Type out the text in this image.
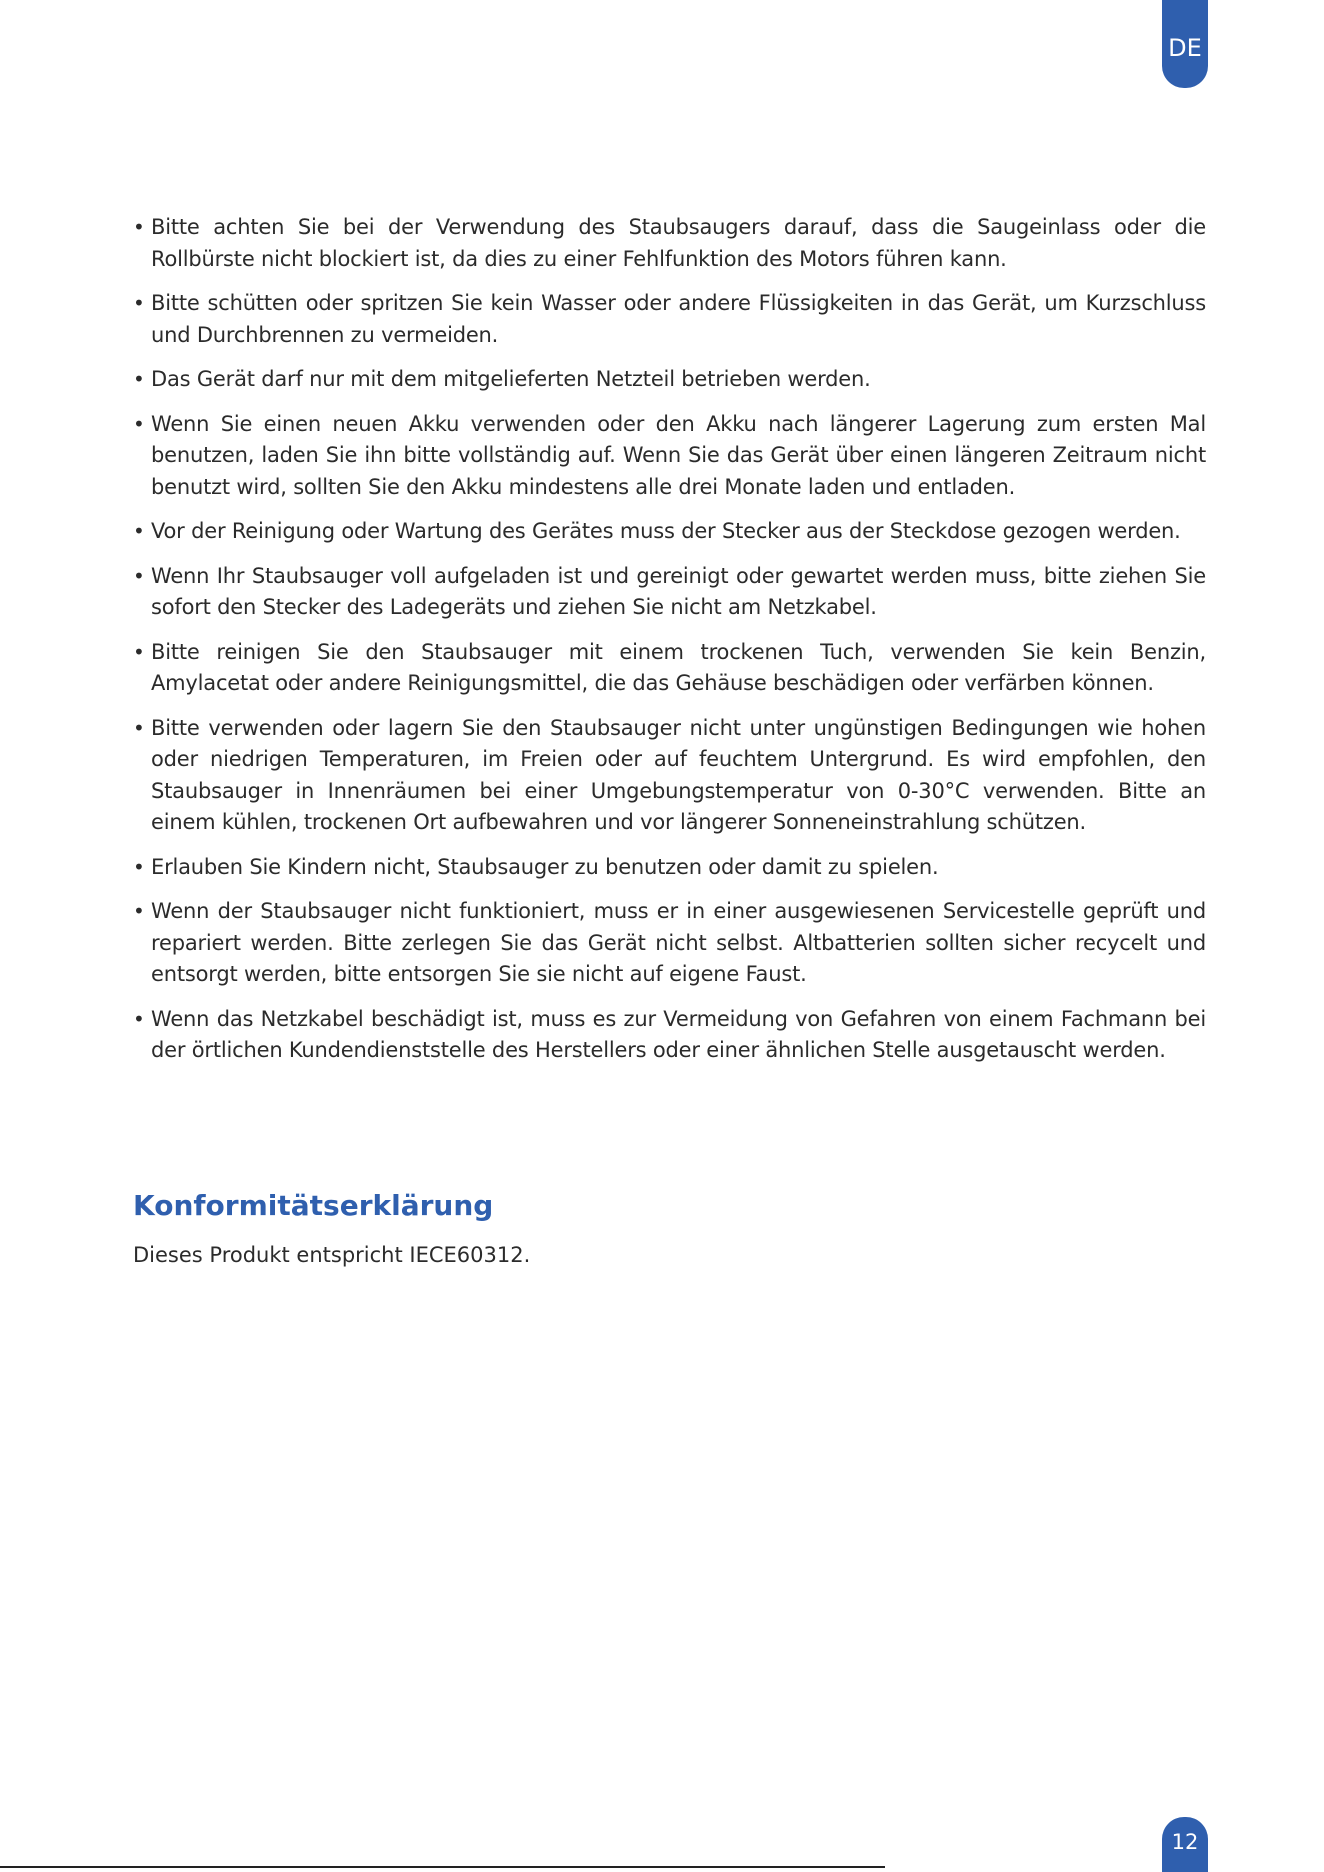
DE
• Bitte achten Sie bei der Verwendung des Staubsaugers darauf, dass die Saugeinlass oder die Rollbürste nicht blockiert ist, da dies zu einer Fehlfunktion des Motors führen kann.
• Bitte schütten oder spritzen Sie kein Wasser oder andere Flüssigkeiten in das Gerät, um Kurzschluss und Durchbrennen zu vermeiden.
• Das Gerät darf nur mit dem mitgelieferten Netzteil betrieben werden.
• Wenn Sie einen neuen Akku verwenden oder den Akku nach längerer Lagerung zum ersten Mal benutzen, laden Sie ihn bitte vollständig auf. Wenn Sie das Gerät über einen längeren Zeitraum nicht benutzt wird, sollten Sie den Akku mindestens alle drei Monate laden und entladen.
• Vor der Reinigung oder Wartung des Gerätes muss der Stecker aus der Steckdose gezogen werden.
• Wenn Ihr Staubsauger voll aufgeladen ist und gereinigt oder gewartet werden muss, bitte ziehen Sie sofort den Stecker des Ladegeräts und ziehen Sie nicht am Netzkabel.
• Bitte reinigen Sie den Staubsauger mit einem trockenen Tuch, verwenden Sie kein Benzin, Amylacetat oder andere Reinigungsmittel, die das Gehäuse beschädigen oder verfärben können.
• Bitte verwenden oder lagern Sie den Staubsauger nicht unter ungünstigen Bedingungen wie hohen oder niedrigen Temperaturen, im Freien oder auf feuchtem Untergrund. Es wird empfohlen, den Staubsauger in Innenräumen bei einer Umgebungstemperatur von 0-30°C verwenden. Bitte an einem kühlen, trockenen Ort aufbewahren und vor längerer Sonneneinstrahlung schützen.
• Erlauben Sie Kindern nicht, Staubsauger zu benutzen oder damit zu spielen.
• Wenn der Staubsauger nicht funktioniert, muss er in einer ausgewiesenen Servicestelle geprüft und repariert werden. Bitte zerlegen Sie das Gerät nicht selbst. Altbatterien sollten sicher recycelt und entsorgt werden, bitte entsorgen Sie sie nicht auf eigene Faust.
• Wenn das Netzkabel beschädigt ist, muss es zur Vermeidung von Gefahren von einem Fachmann bei der örtlichen Kundendienststelle des Herstellers oder einer ähnlichen Stelle ausgetauscht werden.
Konformitätserklärung

Dieses Produkt entspricht IECE60312.

12
